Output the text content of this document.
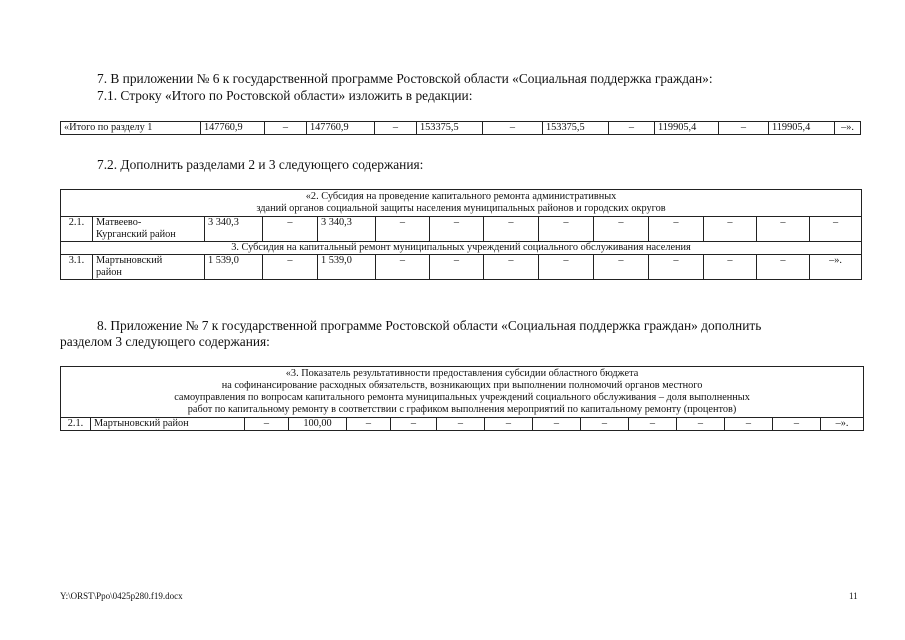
7. В приложении № 6 к государственной программе Ростовской области «Социальная поддержка граждан»:
7.1. Строку «Итого по Ростовской области» изложить в редакции:
«Итого по разделу 1	147760,9	–	147760,9	–	153375,5	–	153375,5	–	119905,4	–	119905,4	–».
7.2. Дополнить разделами 2 и 3 следующего содержания:
«2. Субсидия на проведение капитального ремонта административных
зданий органов социальной защиты населения муниципальных районов и городских округов													

2.1.	Матвеево-
Курганский район	3 340,3	–	3 340,3	–	–	–	–	–	–	–	–	–
3. Субсидия на капитальный ремонт муниципальных учреждений социального обслуживания населения													
3.1.	Мартыновский
район	1 539,0	–	1 539,0	–	–	–	–	–	–	–	–	–».
8. Приложение № 7 к государственной программе Ростовской области «Социальная поддержка граждан» дополнить
разделом 3 следующего содержания:
«3. Показатель результативности предоставления субсидии областного бюджета
на софинансирование расходных обязательств, возникающих при выполнении полномочий органов местного
самоуправления по вопросам капитального ремонта муниципальных учреждений социального обслуживания – доля выполненных
работ по капитальному ремонту в соответствии с графиком выполнения мероприятий по капитальному ремонту (процентов)

2.1.	Мартыновский район	–	100,00	–	–	–	–	–	–	–	–	–	–	–».
Y:\ORST\Ppo\0425p280.f19.docx	11
